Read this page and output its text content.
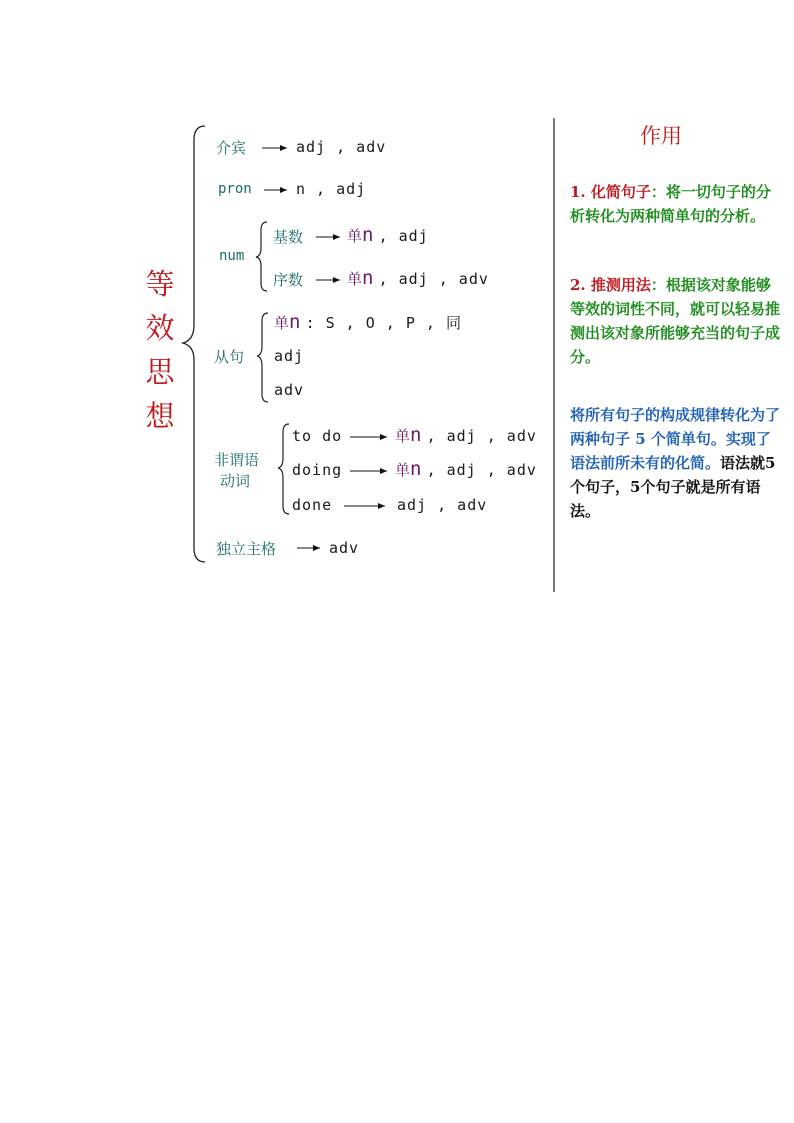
等
效
思
想
介宾	adj , adv
pron	n , adj
num
基数	单n , adj
序数	单n , adj , adv
从句
单n : S , O , P , 同
adj
adv
非谓语
动词
to do	单n , adj , adv
doing	单n , adj , adv
done	adj , adv
独立主格	adv
作用
1. 化简句子：将一切句子的分析转化为两种简单句的分析。
2. 推测用法：根据该对象能够等效的词性不同，就可以轻易推测出该对象所能够充当的句子成分。
将所有句子的构成规律转化为了两种句子 5 个简单句。实现了语法前所未有的化简。语法就5个句子，5个句子就是所有语法。
